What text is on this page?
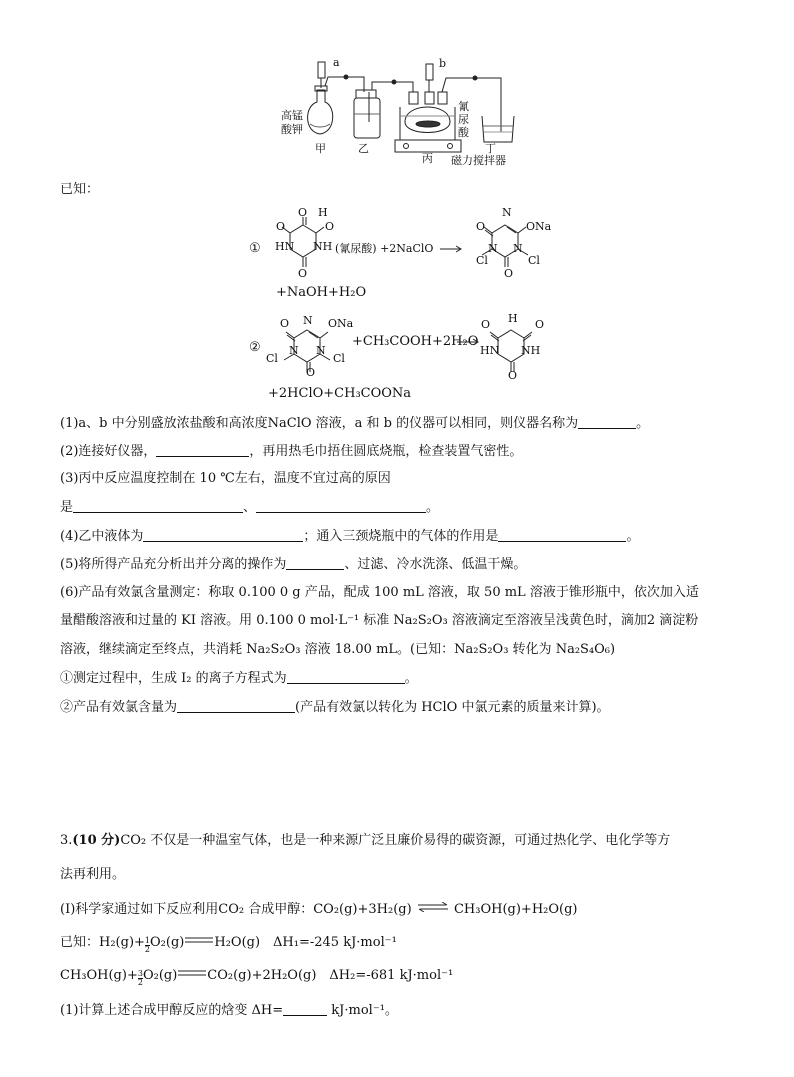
a	b
高锰
酸钾
氰
尿
酸
甲	乙
丙
丁
磁力搅拌器
已知：
①
O H
NH
HN
O	O
O
(氰尿酸) +2NaClO
N
ONa
O
N N
Cl	Cl
O
+NaOH+H₂O
②
O N ONa
N N
Cl	Cl
O
+CH₃COOH+2H₂O
O H O
HN NH
O
+2HClO+CH₃COONa
(1)a、b 中分别盛放浓盐酸和高浓度NaClO 溶液，a 和 b 的仪器可以相同，则仪器名称为	。
(2)连接好仪器，	，再用热毛巾捂住圆底烧瓶，检查装置气密性。
(3)丙中反应温度控制在 10 ℃左右，温度不宜过高的原因
是	、	。
(4)乙中液体为	；通入三颈烧瓶中的气体的作用是	。
(5)将所得产品充分析出并分离的操作为	、过滤、冷水洗涤、低温干燥。
(6)产品有效氯含量测定：称取 0.100 0 g 产品，配成 100 mL 溶液，取 50 mL 溶液于锥形瓶中，依次加入适
量醋酸溶液和过量的 KI 溶液。用 0.100 0 mol·L⁻¹ 标准 Na₂S₂O₃ 溶液滴定至溶液呈浅黄色时，滴加2 滴淀粉
溶液，继续滴定至终点，共消耗 Na₂S₂O₃ 溶液 18.00 mL。(已知：Na₂S₂O₃ 转化为 Na₂S₄O₆)
①测定过程中，生成 I₂ 的离子方程式为	。
②产品有效氯含量为	(产品有效氯以转化为 HClO 中氯元素的质量来计算)。
3.(10 分)CO₂ 不仅是一种温室气体，也是一种来源广泛且廉价易得的碳资源，可通过热化学、电化学等方
法再利用。
(Ⅰ)科学家通过如下反应利用CO₂ 合成甲醇：CO₂(g)+3H₂(g) ⇌ CH₃OH(g)+H₂O(g)
已知：$H_2(g)+ \frac{1}{2} O_2(g)$ H₂O(g)　ΔH₁=-245 kJ·mol⁻¹
$CH_3OH(g)+ \frac{3}{2} O_2(g)$ CO₂(g)+2H₂O(g)　ΔH₂=-681 kJ·mol⁻¹
(1)计算上述合成甲醇反应的焓变 ΔH=	kJ·mol⁻¹。
